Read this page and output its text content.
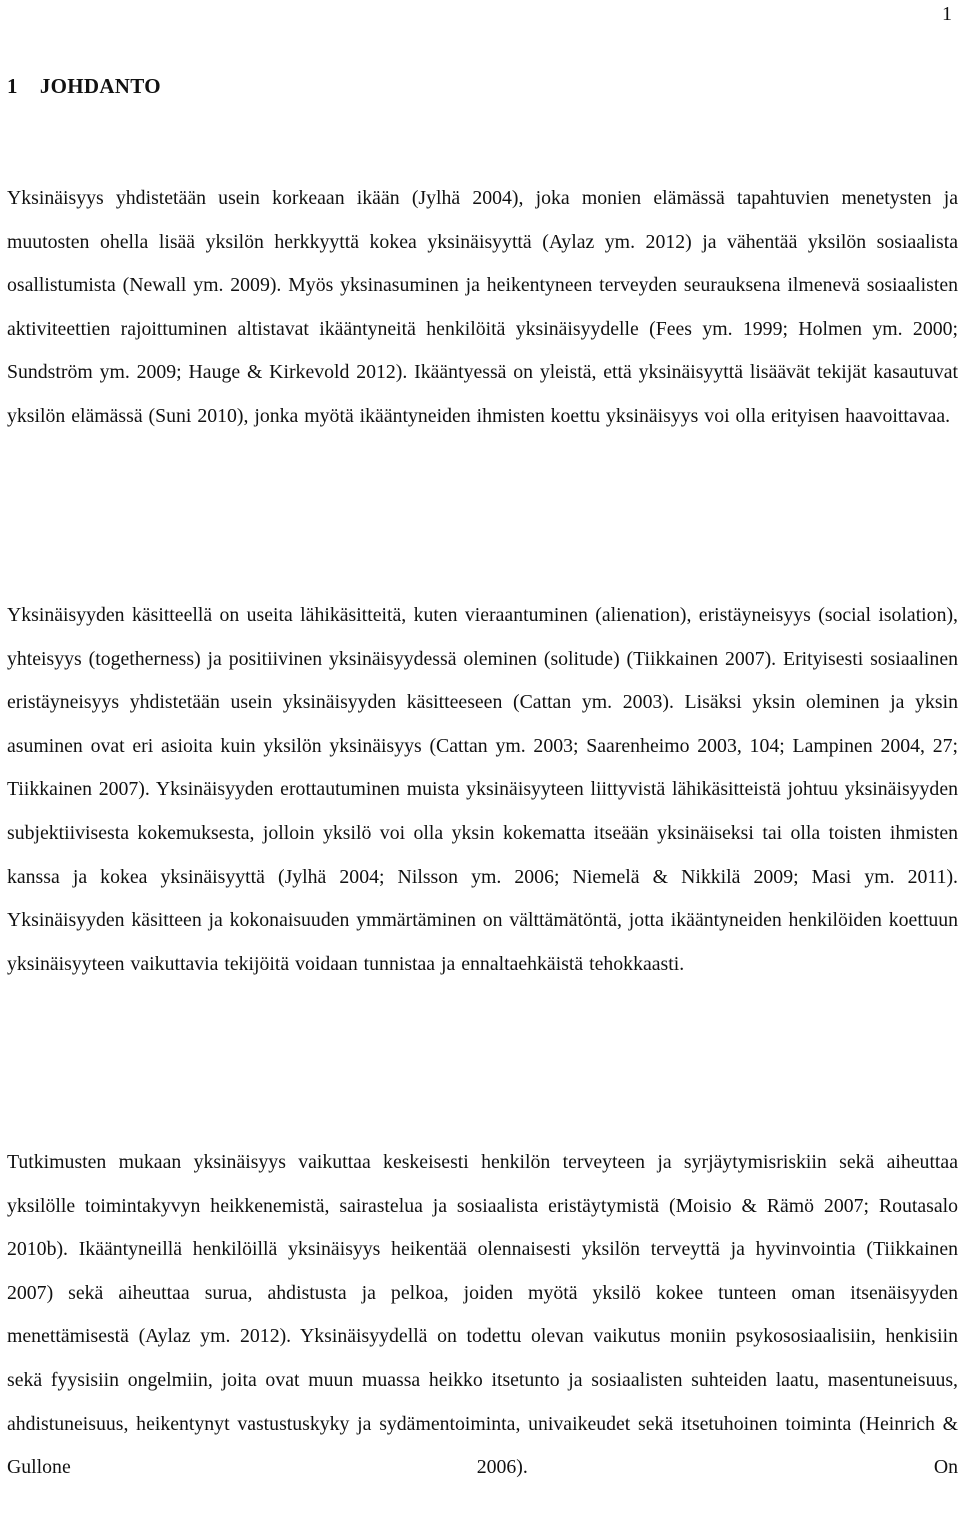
1
1 JOHDANTO

Yksinäisyys yhdistetään usein korkeaan ikään (Jylhä 2004), joka monien elämässä tapahtuvien menetysten ja muutosten ohella lisää yksilön herkkyyttä kokea yksinäisyyttä (Aylaz ym. 2012) ja vähentää yksilön sosiaalista osallistumista (Newall ym. 2009). Myös yksinasuminen ja heikentyneen terveyden seurauksena ilmenevä sosiaalisten aktiviteettien rajoittuminen altistavat ikääntyneitä henkilöitä yksinäisyydelle (Fees ym. 1999; Holmen ym. 2000; Sundström ym. 2009; Hauge & Kirkevold 2012). Ikääntyessä on yleistä, että yksinäisyyttä lisäävät tekijät kasautuvat yksilön elämässä (Suni 2010), jonka myötä ikääntyneiden ihmisten koettu yksinäisyys voi olla erityisen haavoittavaa.

Yksinäisyyden käsitteellä on useita lähikäsitteitä, kuten vieraantuminen (alienation), eristäyneisyys (social isolation), yhteisyys (togetherness) ja positiivinen yksinäisyydessä oleminen (solitude) (Tiikkainen 2007). Erityisesti sosiaalinen eristäyneisyys yhdistetään usein yksinäisyyden käsitteeseen (Cattan ym. 2003). Lisäksi yksin oleminen ja yksin asuminen ovat eri asioita kuin yksilön yksinäisyys (Cattan ym. 2003; Saarenheimo 2003, 104; Lampinen 2004, 27; Tiikkainen 2007). Yksinäisyyden erottautuminen muista yksinäisyyteen liittyvistä lähikäsitteistä johtuu yksinäisyyden subjektiivisesta kokemuksesta, jolloin yksilö voi olla yksin kokematta itseään yksinäiseksi tai olla toisten ihmisten kanssa ja kokea yksinäisyyttä (Jylhä 2004; Nilsson ym. 2006; Niemelä & Nikkilä 2009; Masi ym. 2011). Yksinäisyyden käsitteen ja kokonaisuuden ymmärtäminen on välttämätöntä, jotta ikääntyneiden henkilöiden koettuun yksinäisyyteen vaikuttavia tekijöitä voidaan tunnistaa ja ennaltaehkäistä tehokkaasti.

Tutkimusten mukaan yksinäisyys vaikuttaa keskeisesti henkilön terveyteen ja syrjäytymisriskiin sekä aiheuttaa yksilölle toimintakyvyn heikkenemistä, sairastelua ja sosiaalista eristäytymistä (Moisio & Rämö 2007; Routasalo 2010b). Ikääntyneillä henkilöillä yksinäisyys heikentää olennaisesti yksilön terveyttä ja hyvinvointia (Tiikkainen 2007) sekä aiheuttaa surua, ahdistusta ja pelkoa, joiden myötä yksilö kokee tunteen oman itsenäisyyden menettämisestä (Aylaz ym. 2012). Yksinäisyydellä on todettu olevan vaikutus moniin psykososiaalisiin, henkisiin sekä fyysisiin ongelmiin, joita ovat muun muassa heikko itsetunto ja sosiaalisten suhteiden laatu, masentuneisuus, ahdistuneisuus, heikentynyt vastustuskyky ja sydämentoiminta, univaikeudet sekä itsetuhoinen toiminta (Heinrich & Gullone 2006). On
